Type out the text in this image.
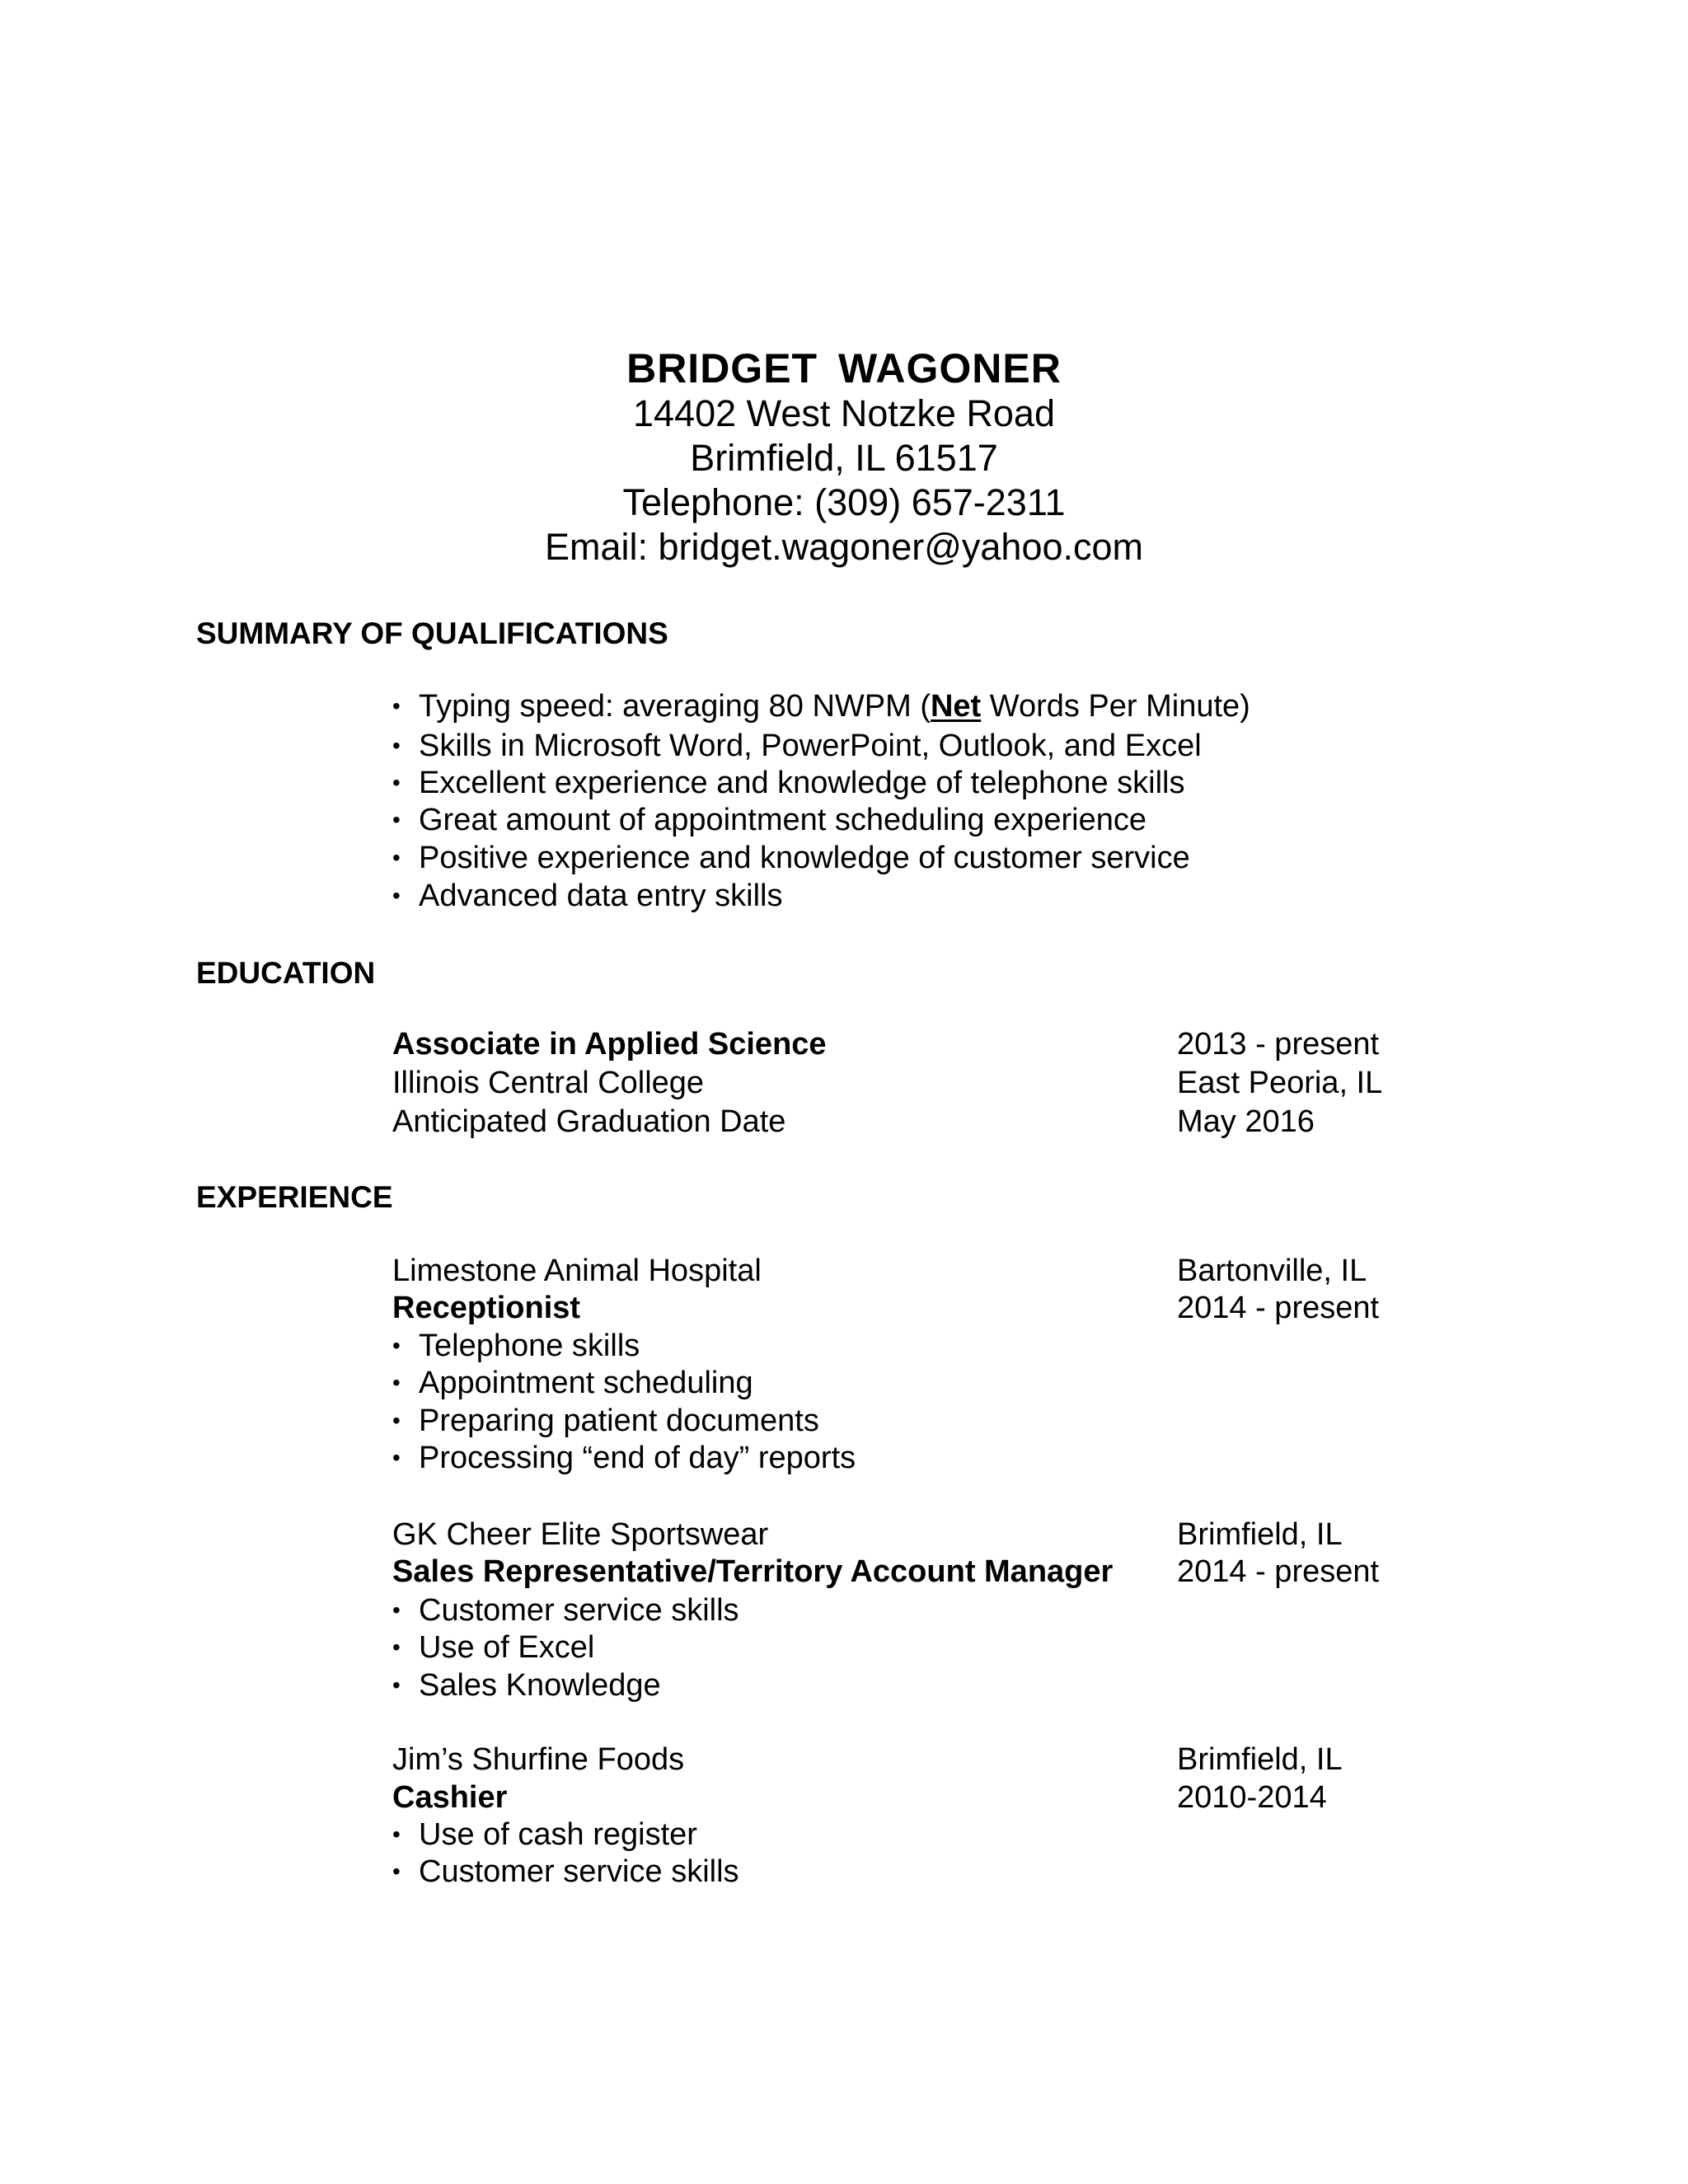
BRIDGET WAGONER
14402 West Notzke Road
Brimfield, IL 61517
Telephone: (309) 657-2311
Email: bridget.wagoner@yahoo.com
SUMMARY OF QUALIFICATIONS
• Typing speed: averaging 80 NWPM (Net Words Per Minute)
• Skills in Microsoft Word, PowerPoint, Outlook, and Excel
• Excellent experience and knowledge of telephone skills
• Great amount of appointment scheduling experience
• Positive experience and knowledge of customer service
• Advanced data entry skills
EDUCATION
Associate in Applied Science	2013 - present
Illinois Central College	East Peoria, IL
Anticipated Graduation Date	May 2016
EXPERIENCE
Limestone Animal Hospital	Bartonville, IL
Receptionist	2014 - present
• Telephone skills
• Appointment scheduling
• Preparing patient documents
• Processing “end of day” reports
GK Cheer Elite Sportswear	Brimfield, IL
Sales Representative/Territory Account Manager 2014 - present
• Customer service skills
• Use of Excel
• Sales Knowledge
Jim’s Shurfine Foods	Brimfield, IL
Cashier	2010-2014
• Use of cash register
• Customer service skills
